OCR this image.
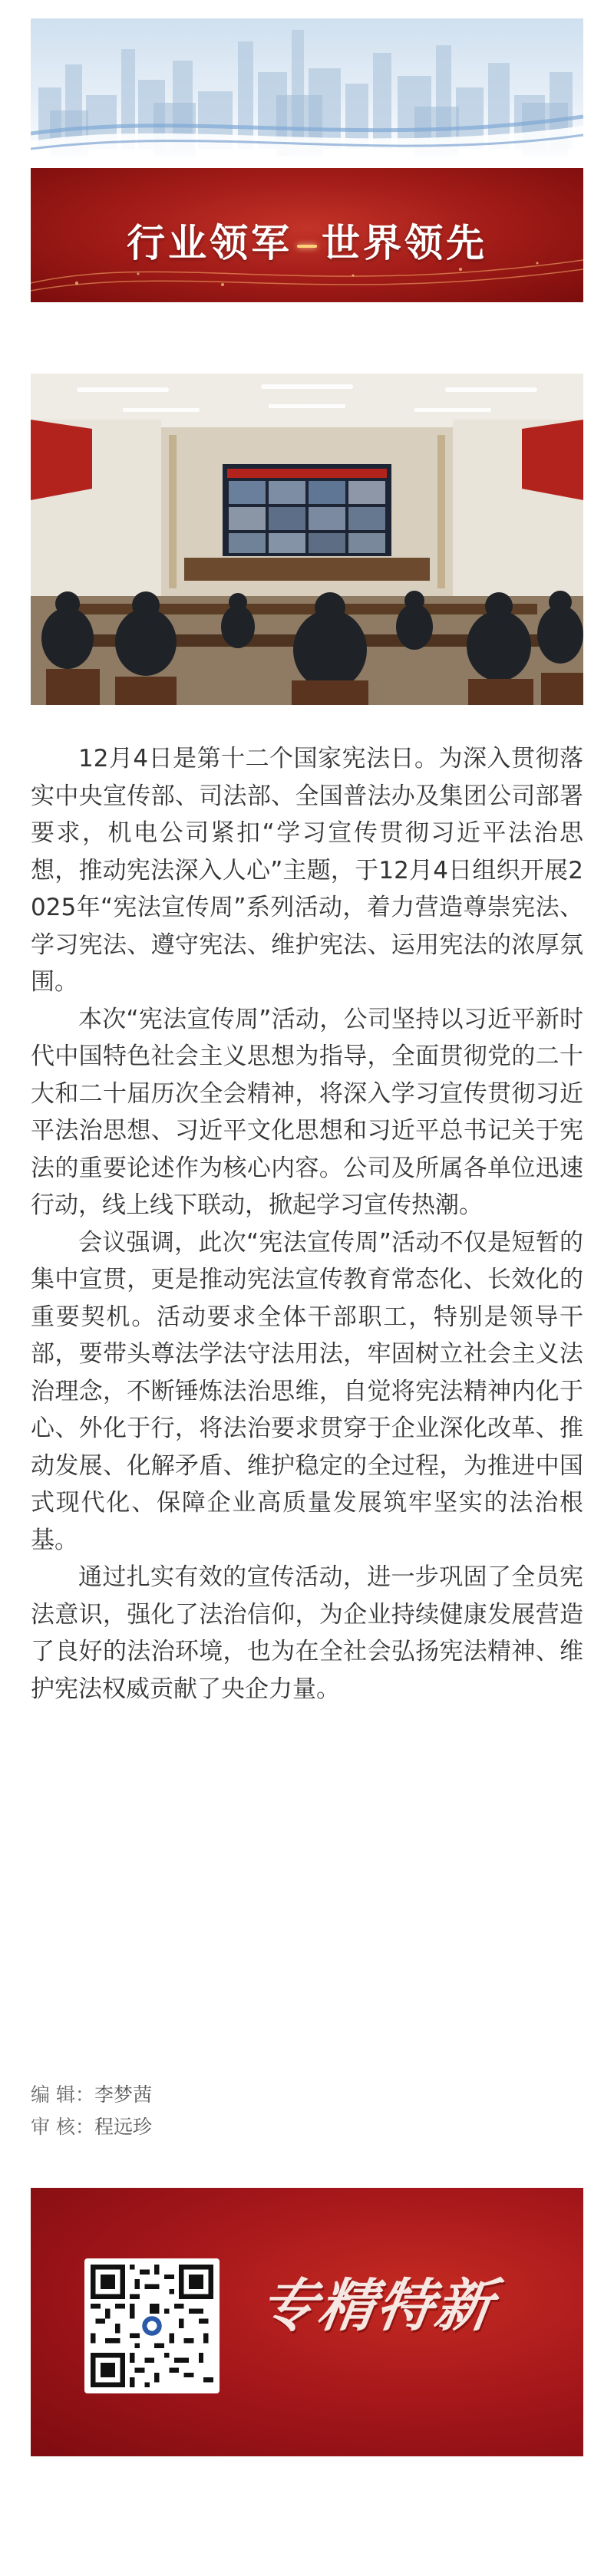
行业领军 世界领先

12月4日是第十二个国家宪法日。为深入贯彻落实中央宣传部、司法部、全国普法办及集团公司部署要求，机电公司紧扣“学习宣传贯彻习近平法治思想，推动宪法深入人心”主题，于12月4日组织开展2025年“宪法宣传周”系列活动，着力营造尊崇宪法、学习宪法、遵守宪法、维护宪法、运用宪法的浓厚氛围。

本次“宪法宣传周”活动，公司坚持以习近平新时代中国特色社会主义思想为指导，全面贯彻党的二十大和二十届历次全会精神，将深入学习宣传贯彻习近平法治思想、习近平文化思想和习近平总书记关于宪法的重要论述作为核心内容。公司及所属各单位迅速行动，线上线下联动，掀起学习宣传热潮。

会议强调，此次“宪法宣传周”活动不仅是短暂的集中宣贯，更是推动宪法宣传教育常态化、长效化的重要契机。活动要求全体干部职工，特别是领导干部，要带头尊法学法守法用法，牢固树立社会主义法治理念，不断锤炼法治思维，自觉将宪法精神内化于心、外化于行，将法治要求贯穿于企业深化改革、推动发展、化解矛盾、维护稳定的全过程，为推进中国式现代化、保障企业高质量发展筑牢坚实的法治根基。

通过扎实有效的宣传活动，进一步巩固了全员宪法意识，强化了法治信仰，为企业持续健康发展营造了良好的法治环境，也为在全社会弘扬宪法精神、维护宪法权威贡献了央企力量。

编 辑：李梦茜
审 核：程远珍
专精特新
